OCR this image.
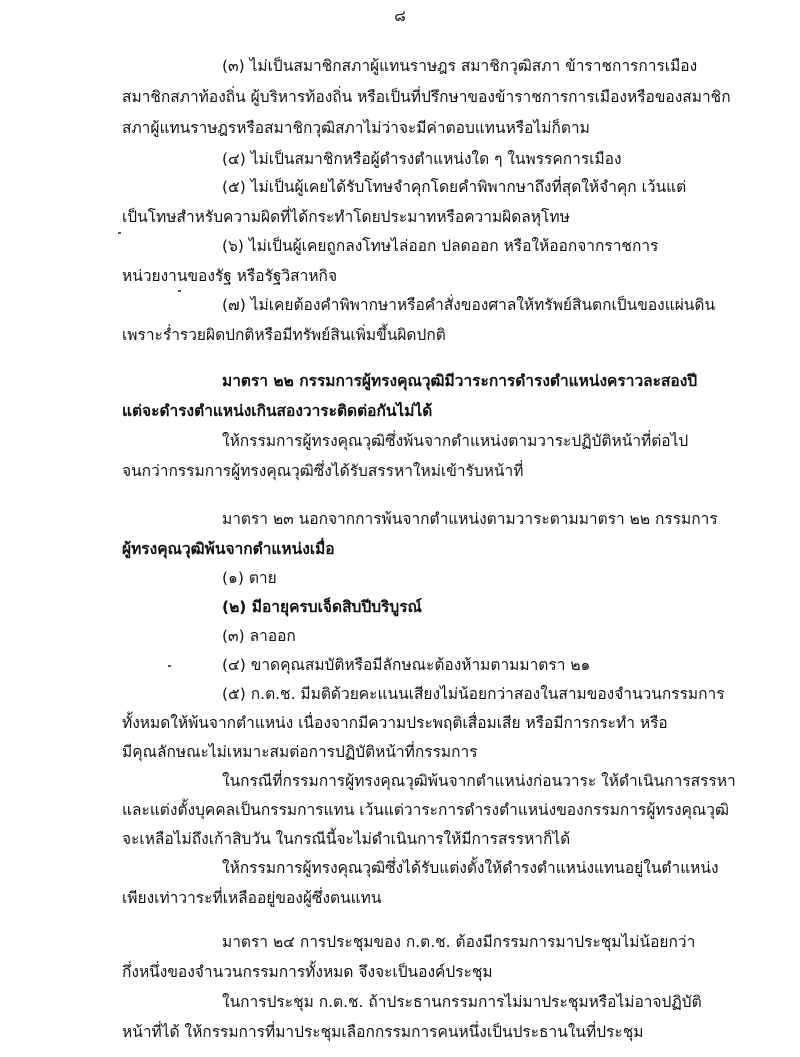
๘
(๓) ไม่เป็นสมาชิกสภาผู้แทนราษฎร สมาชิกวุฒิสภา ข้าราชการการเมือง
สมาชิกสภาท้องถิ่น ผู้บริหารท้องถิ่น หรือเป็นที่ปรึกษาของข้าราชการการเมืองหรือของสมาชิก
สภาผู้แทนราษฎรหรือสมาชิกวุฒิสภาไม่ว่าจะมีค่าตอบแทนหรือไม่ก็ตาม
(๔) ไม่เป็นสมาชิกหรือผู้ดำรงตำแหน่งใด ๆ ในพรรคการเมือง
(๕) ไม่เป็นผู้เคยได้รับโทษจำคุกโดยคำพิพากษาถึงที่สุดให้จำคุก เว้นแต่
เป็นโทษสำหรับความผิดที่ได้กระทำโดยประมาทหรือความผิดลหุโทษ
(๖) ไม่เป็นผู้เคยถูกลงโทษไล่ออก ปลดออก หรือให้ออกจากราชการ
หน่วยงานของรัฐ หรือรัฐวิสาหกิจ
(๗) ไม่เคยต้องคำพิพากษาหรือคำสั่งของศาลให้ทรัพย์สินตกเป็นของแผ่นดิน
เพราะร่ำรวยผิดปกติหรือมีทรัพย์สินเพิ่มขึ้นผิดปกติ
มาตรา ๒๒ กรรมการผู้ทรงคุณวุฒิมีวาระการดำรงตำแหน่งคราวละสองปี
แต่จะดำรงตำแหน่งเกินสองวาระติดต่อกันไม่ได้
ให้กรรมการผู้ทรงคุณวุฒิซึ่งพ้นจากตำแหน่งตามวาระปฏิบัติหน้าที่ต่อไป
จนกว่ากรรมการผู้ทรงคุณวุฒิซึ่งได้รับสรรหาใหม่เข้ารับหน้าที่
มาตรา ๒๓ นอกจากการพ้นจากตำแหน่งตามวาระตามมาตรา ๒๒ กรรมการ
ผู้ทรงคุณวุฒิพ้นจากตำแหน่งเมื่อ
(๑) ตาย
(๒) มีอายุครบเจ็ดสิบปีบริบูรณ์
(๓) ลาออก
(๔) ขาดคุณสมบัติหรือมีลักษณะต้องห้ามตามมาตรา ๒๑
(๕) ก.ต.ช. มีมติด้วยคะแนนเสียงไม่น้อยกว่าสองในสามของจำนวนกรรมการ
ทั้งหมดให้พ้นจากตำแหน่ง เนื่องจากมีความประพฤติเสื่อมเสีย หรือมีการกระทำ หรือ
มีคุณลักษณะไม่เหมาะสมต่อการปฏิบัติหน้าที่กรรมการ
ในกรณีที่กรรมการผู้ทรงคุณวุฒิพ้นจากตำแหน่งก่อนวาระ ให้ดำเนินการสรรหา
และแต่งตั้งบุคคลเป็นกรรมการแทน เว้นแต่วาระการดำรงตำแหน่งของกรรมการผู้ทรงคุณวุฒิ
จะเหลือไม่ถึงเก้าสิบวัน ในกรณีนี้จะไม่ดำเนินการให้มีการสรรหาก็ได้
ให้กรรมการผู้ทรงคุณวุฒิซึ่งได้รับแต่งตั้งให้ดำรงตำแหน่งแทนอยู่ในตำแหน่ง
เพียงเท่าวาระที่เหลืออยู่ของผู้ซึ่งตนแทน
มาตรา ๒๔ การประชุมของ ก.ต.ช. ต้องมีกรรมการมาประชุมไม่น้อยกว่า
กึ่งหนึ่งของจำนวนกรรมการทั้งหมด จึงจะเป็นองค์ประชุม
ในการประชุม ก.ต.ช. ถ้าประธานกรรมการไม่มาประชุมหรือไม่อาจปฏิบัติ
หน้าที่ได้ ให้กรรมการที่มาประชุมเลือกกรรมการคนหนึ่งเป็นประธานในที่ประชุม
